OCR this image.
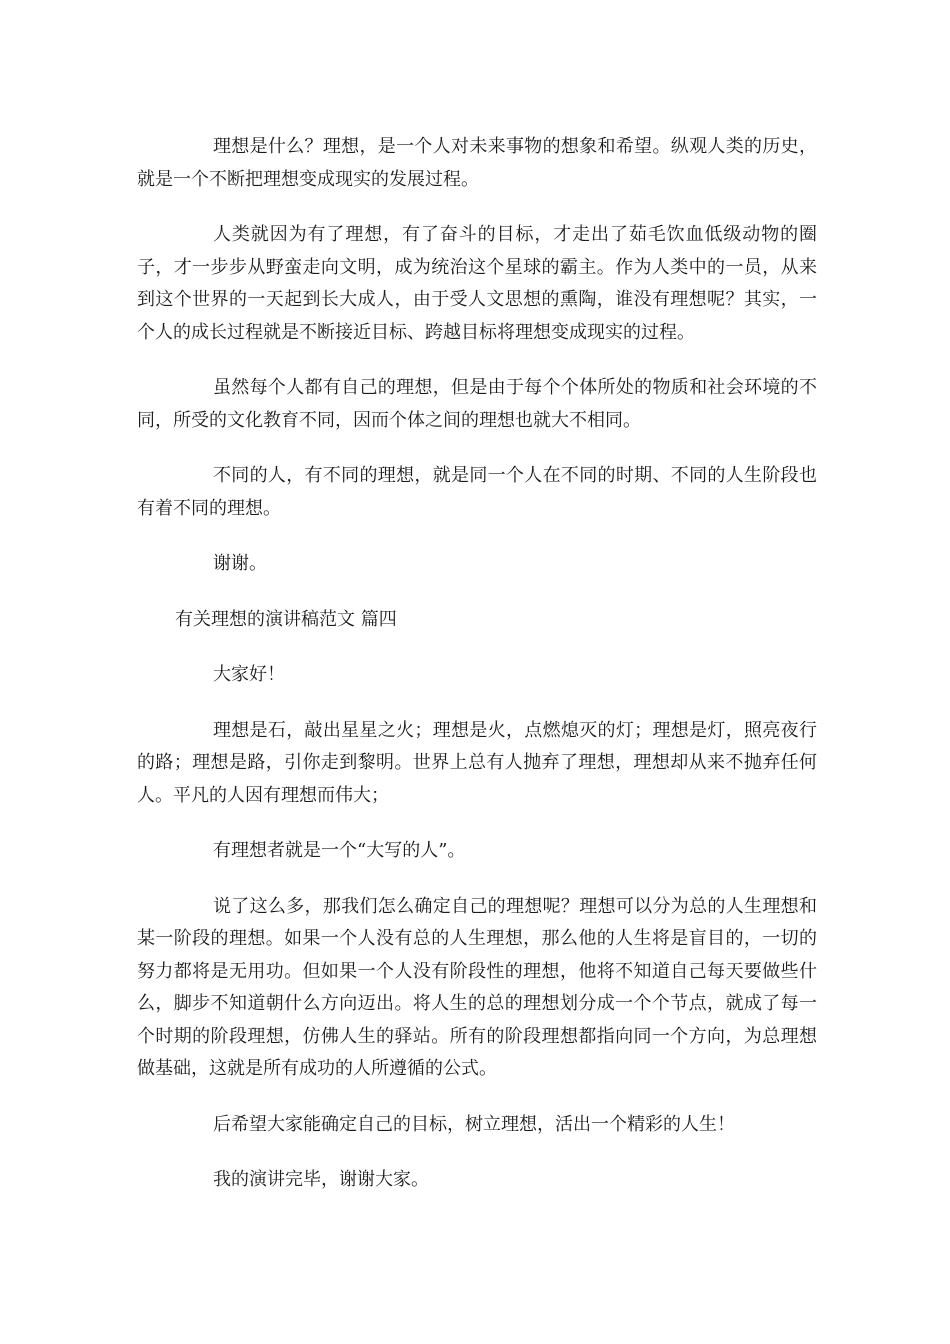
理想是什么？理想，是一个人对未来事物的想象和希望。纵观人类的历史，就是一个不断把理想变成现实的发展过程。

人类就因为有了理想，有了奋斗的目标，才走出了茹毛饮血低级动物的圈子，才一步步从野蛮走向文明，成为统治这个星球的霸主。作为人类中的一员，从来到这个世界的一天起到长大成人，由于受人文思想的熏陶，谁没有理想呢？其实，一个人的成长过程就是不断接近目标、跨越目标将理想变成现实的过程。

虽然每个人都有自己的理想，但是由于每个个体所处的物质和社会环境的不同，所受的文化教育不同，因而个体之间的理想也就大不相同。

不同的人，有不同的理想，就是同一个人在不同的时期、不同的人生阶段也有着不同的理想。

谢谢。

有关理想的演讲稿范文 篇四

大家好！

理想是石，敲出星星之火；理想是火，点燃熄灭的灯；理想是灯，照亮夜行的路；理想是路，引你走到黎明。世界上总有人抛弃了理想，理想却从来不抛弃任何人。平凡的人因有理想而伟大；

有理想者就是一个“大写的人”。

说了这么多，那我们怎么确定自己的理想呢？理想可以分为总的人生理想和某一阶段的理想。如果一个人没有总的人生理想，那么他的人生将是盲目的，一切的努力都将是无用功。但如果一个人没有阶段性的理想，他将不知道自己每天要做些什么，脚步不知道朝什么方向迈出。将人生的总的理想划分成一个个节点，就成了每一个时期的阶段理想，仿佛人生的驿站。所有的阶段理想都指向同一个方向，为总理想做基础，这就是所有成功的人所遵循的公式。

后希望大家能确定自己的目标，树立理想，活出一个精彩的人生！

我的演讲完毕，谢谢大家。
